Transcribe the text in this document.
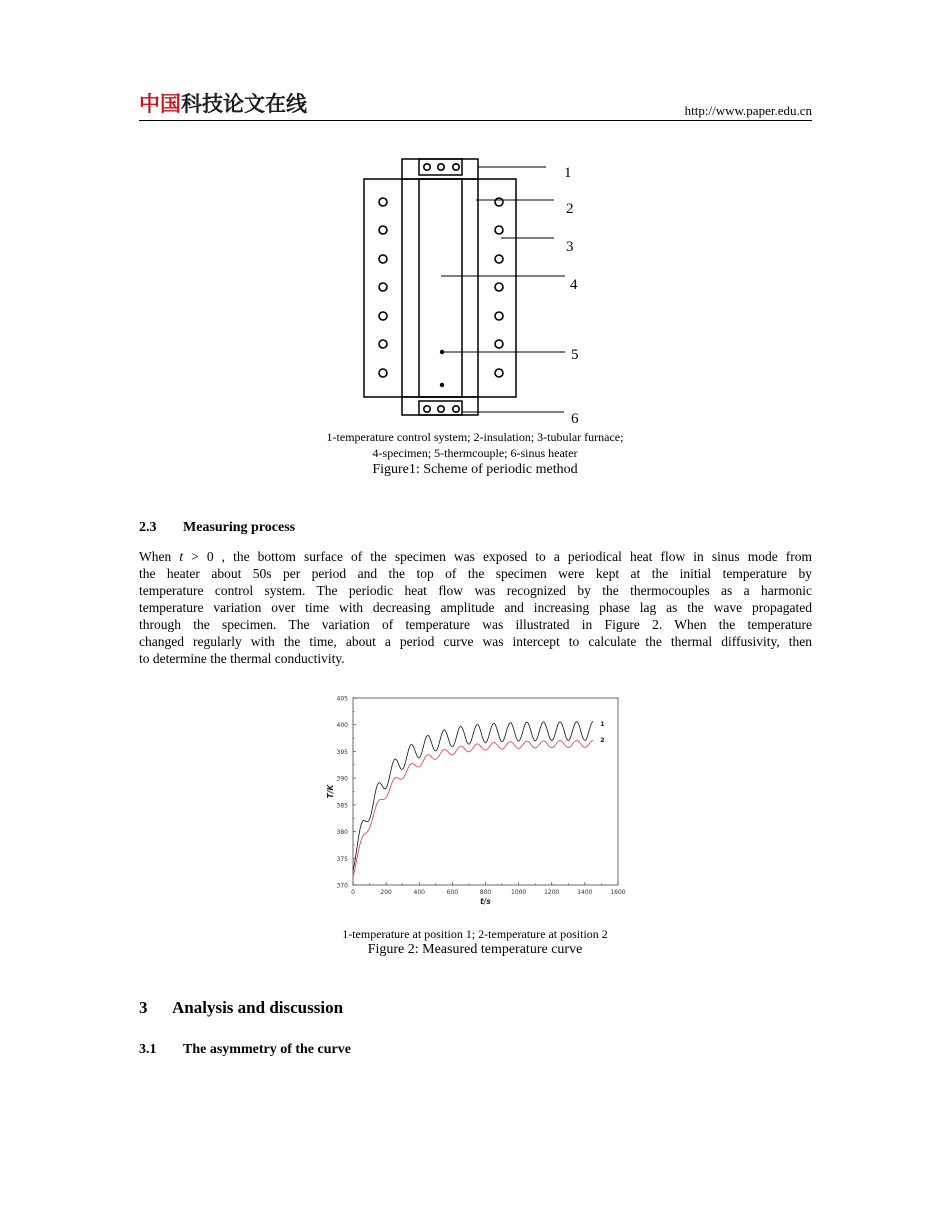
中国科技论文在线	http://www.paper.edu.cn
1
2
3
4
5
6
1-temperature control system; 2-insulation; 3-tubular furnace;
4-specimen; 5-thermcouple; 6-sinus heater
Figure1: Scheme of periodic method
2.3 Measuring process
When t > 0 , the bottom surface of the specimen was exposed to a periodical heat flow in sinus mode from
the heater about 50s per period and the top of the specimen were kept at the initial temperature by
temperature control system. The periodic heat flow was recognized by the thermocouples as a harmonic
temperature variation over time with decreasing amplitude and increasing phase lag as the wave propagated
through the specimen. The variation of temperature was illustrated in Figure 2. When the temperature
changed regularly with the time, about a period curve was intercept to calculate the thermal diffusivity, then
to determine the thermal conductivity.
370
375
380
385
390
395
400
405
0	200	400	600	800	1000	1200	1400	1600
t/s
T/K
1
2
1-temperature at position 1; 2-temperature at position 2
Figure 2: Measured temperature curve
3 Analysis and discussion
3.1 The asymmetry of the curve
